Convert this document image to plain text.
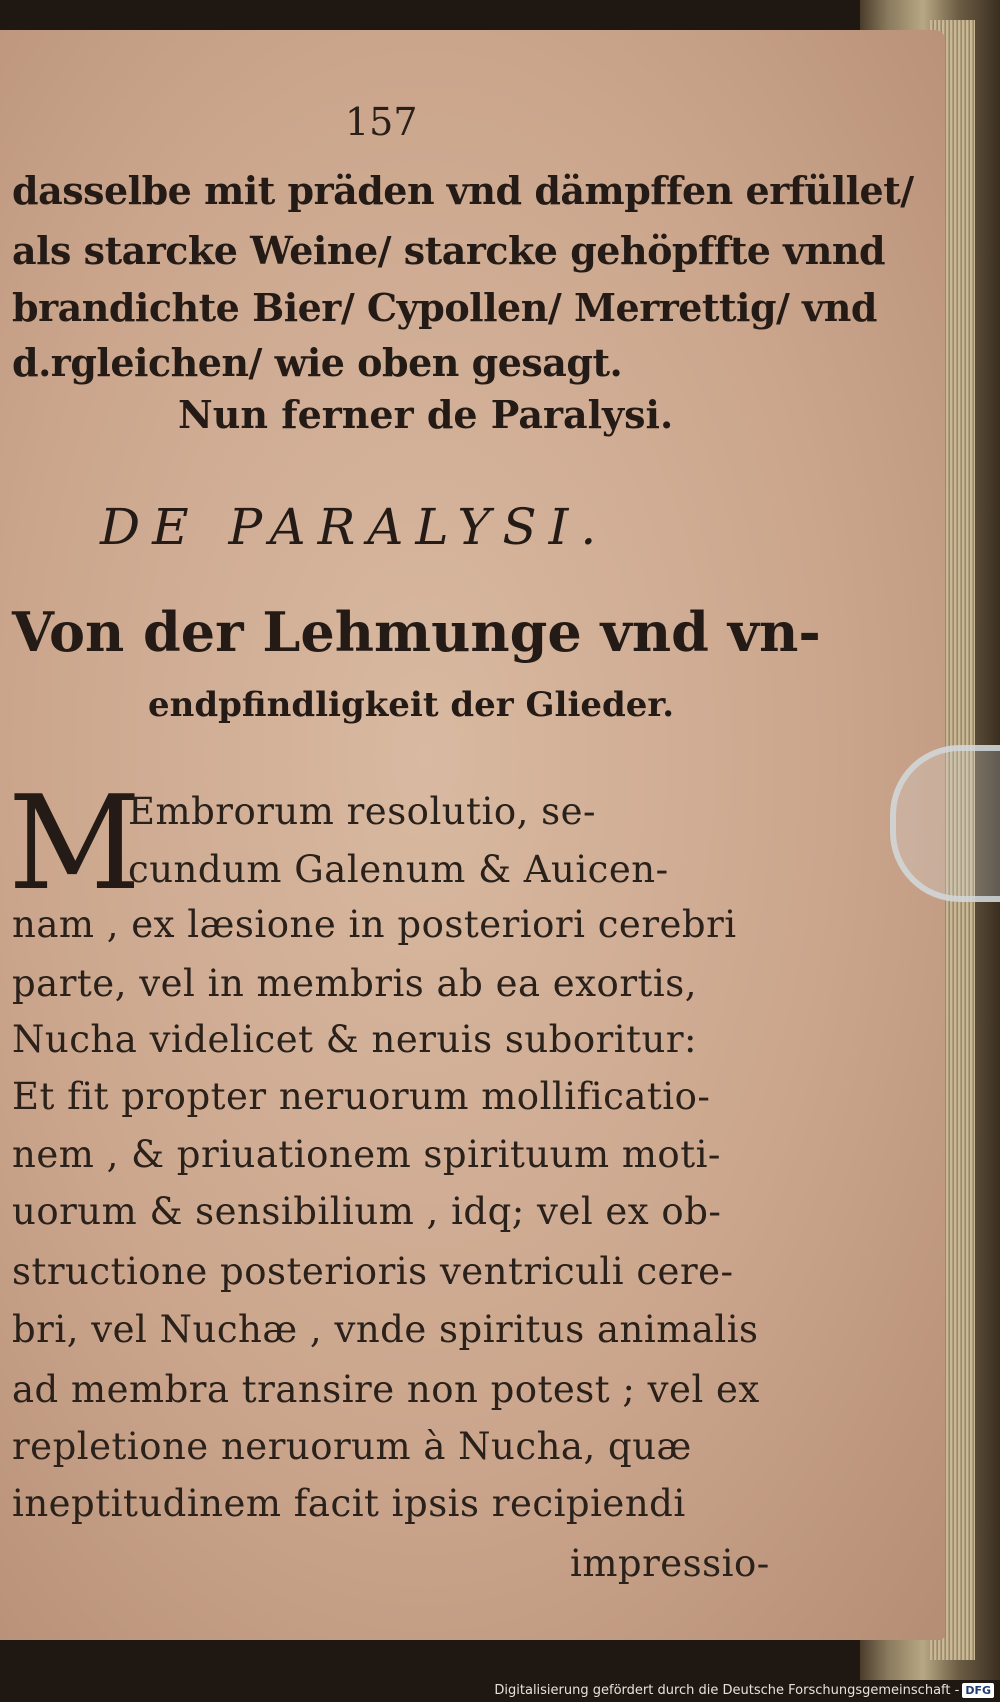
157
dasselbe mit präden vnd dämpffen erfüllet/
als starcke Weine/ starcke gehöpffte vnnd
brandichte Bier/ Cypollen/ Merrettig/ vnd
d.rgleichen/ wie oben gesagt.
Nun ferner de Paralysi.
DE PARALYSI.
Von der Lehmunge vnd vn-
endpfindligkeit der Glieder.
M
Embrorum resolutio, se-
cundum Galenum & Auicen-
nam , ex læsione in posteriori cerebri
parte, vel in membris ab ea exortis,
Nucha videlicet & neruis suboritur:
Et fit propter neruorum mollificatio-
nem , & priuationem spirituum moti-
uorum & sensibilium , idq; vel ex ob-
structione posterioris ventriculi cere-
bri, vel Nuchæ , vnde spiritus animalis
ad membra transire non potest ; vel ex
repletione neruorum à Nucha, quæ
ineptitudinem facit ipsis recipiendi
impressio-
Digitalisierung gefördert durch die Deutsche Forschungsgemeinschaft - DFG
